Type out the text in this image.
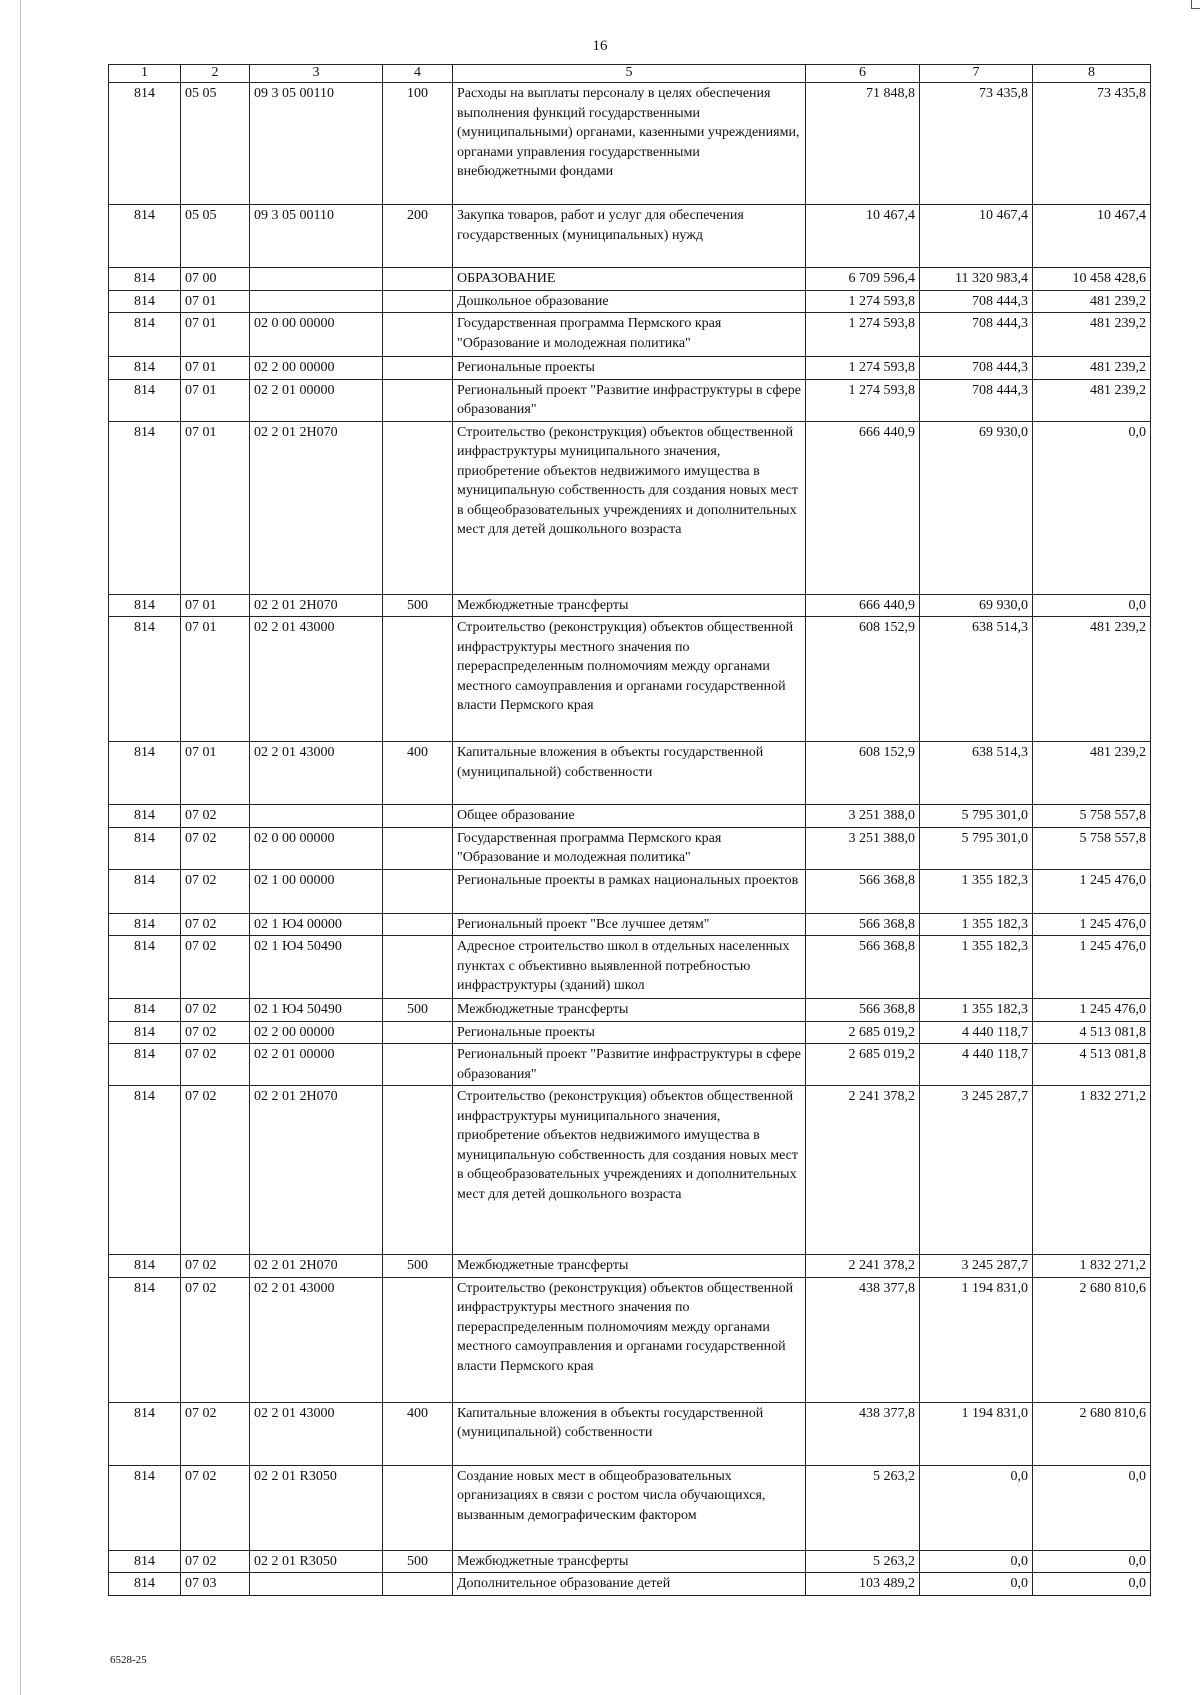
16
1	2	3	4	5	6	7	8
814	05 05	09 3 05 00110	100	Расходы на выплаты персоналу в целях обеспечения выполнения функций государственными (муниципальными) органами, казенными учреждениями, органами управления государственными внебюджетными фондами	71 848,8	73 435,8	73 435,8
814	05 05	09 3 05 00110	200	Закупка товаров, работ и услуг для обеспечения государственных (муниципальных) нужд	10 467,4	10 467,4	10 467,4
814	07 00			ОБРАЗОВАНИЕ	6 709 596,4	11 320 983,4	10 458 428,6
814	07 01			Дошкольное образование	1 274 593,8	708 444,3	481 239,2
814	07 01	02 0 00 00000		Государственная программа Пермского края "Образование и молодежная политика"	1 274 593,8	708 444,3	481 239,2
814	07 01	02 2 00 00000		Региональные проекты	1 274 593,8	708 444,3	481 239,2
814	07 01	02 2 01 00000		Региональный проект "Развитие инфраструктуры в сфере образования"	1 274 593,8	708 444,3	481 239,2
814	07 01	02 2 01 2Н070		Строительство (реконструкция) объектов общественной инфраструктуры муниципального значения, приобретение объектов недвижимого имущества в муниципальную собственность для создания новых мест в общеобразовательных учреждениях и дополнительных мест для детей дошкольного возраста	666 440,9	69 930,0	0,0
814	07 01	02 2 01 2Н070	500	Межбюджетные трансферты	666 440,9	69 930,0	0,0
814	07 01	02 2 01 43000		Строительство (реконструкция) объектов общественной инфраструктуры местного значения по перераспределенным полномочиям между органами местного самоуправления и органами государственной власти Пермского края	608 152,9	638 514,3	481 239,2
814	07 01	02 2 01 43000	400	Капитальные вложения в объекты государственной (муниципальной) собственности	608 152,9	638 514,3	481 239,2
814	07 02			Общее образование	3 251 388,0	5 795 301,0	5 758 557,8
814	07 02	02 0 00 00000		Государственная программа Пермского края "Образование и молодежная политика"	3 251 388,0	5 795 301,0	5 758 557,8
814	07 02	02 1 00 00000		Региональные проекты в рамках национальных проектов	566 368,8	1 355 182,3	1 245 476,0
814	07 02	02 1 Ю4 00000		Региональный проект "Все лучшее детям"	566 368,8	1 355 182,3	1 245 476,0
814	07 02	02 1 Ю4 50490		Адресное строительство школ в отдельных населенных пунктах с объективно выявленной потребностью инфраструктуры (зданий) школ	566 368,8	1 355 182,3	1 245 476,0
814	07 02	02 1 Ю4 50490	500	Межбюджетные трансферты	566 368,8	1 355 182,3	1 245 476,0
814	07 02	02 2 00 00000		Региональные проекты	2 685 019,2	4 440 118,7	4 513 081,8
814	07 02	02 2 01 00000		Региональный проект "Развитие инфраструктуры в сфере образования"	2 685 019,2	4 440 118,7	4 513 081,8
814	07 02	02 2 01 2Н070		Строительство (реконструкция) объектов общественной инфраструктуры муниципального значения, приобретение объектов недвижимого имущества в муниципальную собственность для создания новых мест в общеобразовательных учреждениях и дополнительных мест для детей дошкольного возраста	2 241 378,2	3 245 287,7	1 832 271,2
814	07 02	02 2 01 2Н070	500	Межбюджетные трансферты	2 241 378,2	3 245 287,7	1 832 271,2
814	07 02	02 2 01 43000		Строительство (реконструкция) объектов общественной инфраструктуры местного значения по перераспределенным полномочиям между органами местного самоуправления и органами государственной власти Пермского края	438 377,8	1 194 831,0	2 680 810,6
814	07 02	02 2 01 43000	400	Капитальные вложения в объекты государственной (муниципальной) собственности	438 377,8	1 194 831,0	2 680 810,6
814	07 02	02 2 01 R3050		Создание новых мест в общеобразовательных организациях в связи с ростом числа обучающихся, вызванным демографическим фактором	5 263,2	0,0	0,0
814	07 02	02 2 01 R3050	500	Межбюджетные трансферты	5 263,2	0,0	0,0
814	07 03			Дополнительное образование детей	103 489,2	0,0	0,0
6528-25
